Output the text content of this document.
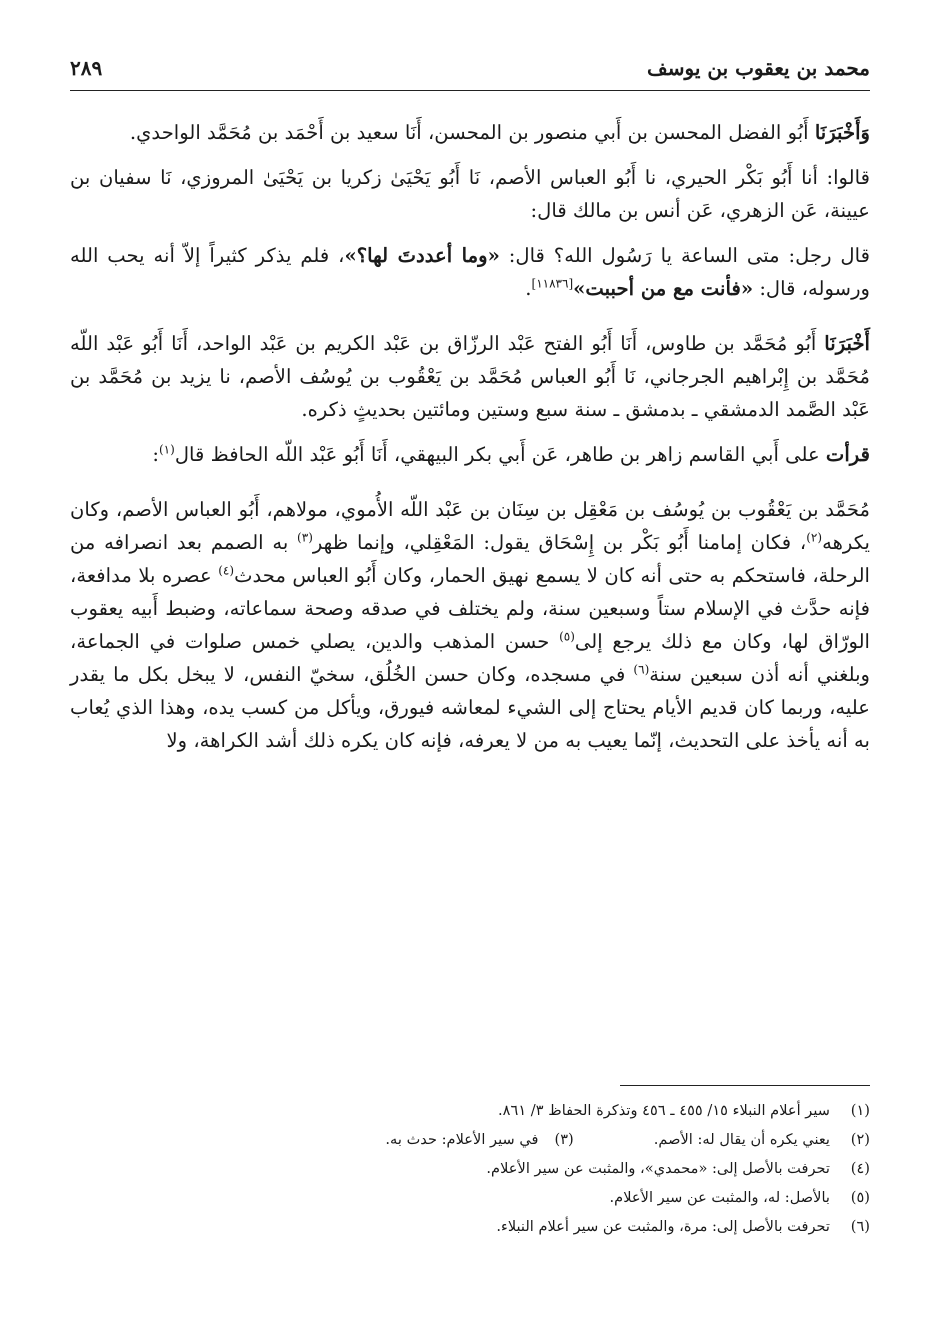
محمد بن يعقوب بن يوسف
٢٨٩

وَأَخْبَرَنَا أَبُو الفضل المحسن بن أَبي منصور بن المحسن، أَنَا سعيد بن أَحْمَد بن مُحَمَّد الواحدي.

قالوا: أنا أَبُو بَكْر الحيري، نا أَبُو العباس الأصم، نَا أَبُو يَحْيَىٰ زكريا بن يَحْيَىٰ المروزي، نَا سفيان بن عيينة، عَن الزهري، عَن أنس بن مالك قال:

قال رجل: متى الساعة يا رَسُول الله؟ قال: «وما أعددتَ لها؟»، فلم يذكر كثيراً إلاّ أنه يحب الله ورسوله، قال: «فأنت مع من أحببت»[١١٨٣٦].

أَخْبَرَنَا أَبُو مُحَمَّد بن طاوس، أَنَا أَبُو الفتح عَبْد الرزّاق بن عَبْد الكريم بن عَبْد الواحد، أَنَا أَبُو عَبْد اللّه مُحَمَّد بن إِبْراهيم الجرجاني، نَا أَبُو العباس مُحَمَّد بن يَعْقُوب بن يُوسُف الأصم، نا يزيد بن مُحَمَّد بن عَبْد الصَّمد الدمشقي ـ بدمشق ـ سنة سبع وستين ومائتين بحديثٍ ذكره.

قرأت على أَبي القاسم زاهر بن طاهر، عَن أَبي بكر البيهقي، أَنَا أَبُو عَبْد اللّه الحافظ قال$^{(١)}$:

مُحَمَّد بن يَعْقُوب بن يُوسُف بن مَعْقِل بن سِنَان بن عَبْد اللّه الأُموي، مولاهم، أَبُو العباس الأصم، وكان يكرهه$^{(٢)}$، فكان إمامنا أَبُو بَكْر بن إِسْحَاق يقول: المَعْقِلي، وإنما ظهر$^{(٣)}$ به الصمم بعد انصرافه من الرحلة، فاستحكم به حتى أنه كان لا يسمع نهيق الحمار، وكان أَبُو العباس محدث$^{(٤)}$ عصره بلا مدافعة، فإنه حدَّث في الإسلام ستاً وسبعين سنة، ولم يختلف في صدقه وصحة سماعاته، وضبط أَبيه يعقوب الورّاق لها، وكان مع ذلك يرجع إلى$^{(٥)}$ حسن المذهب والدين، يصلي خمس صلوات في الجماعة، وبلغني أنه أذن سبعين سنة$^{(٦)}$ في مسجده، وكان حسن الخُلُق، سخيّ النفس، لا يبخل بكل ما يقدر عليه، وربما كان قديم الأيام يحتاج إلى الشيء لمعاشه فيورق، ويأكل من كسب يده، وهذا الذي يُعاب به أنه يأخذ على التحديث، إنّما يعيب به من لا يعرفه، فإنه كان يكره ذلك أشد الكراهة، ولا

(١)سير أعلام النبلاء ١٥/ ٤٥٥ ـ ٤٥٦ وتذكرة الحفاظ ٣/ ٨٦١.
(٢)يعني يكره أن يقال له: الأصم.(٣)في سير الأعلام: حدث به.
(٤)تحرفت بالأصل إلى: «محمدي»، والمثبت عن سير الأعلام.
(٥)بالأصل: له، والمثبت عن سير الأعلام.
(٦)تحرفت بالأصل إلى: مرة، والمثبت عن سير أعلام النبلاء.
